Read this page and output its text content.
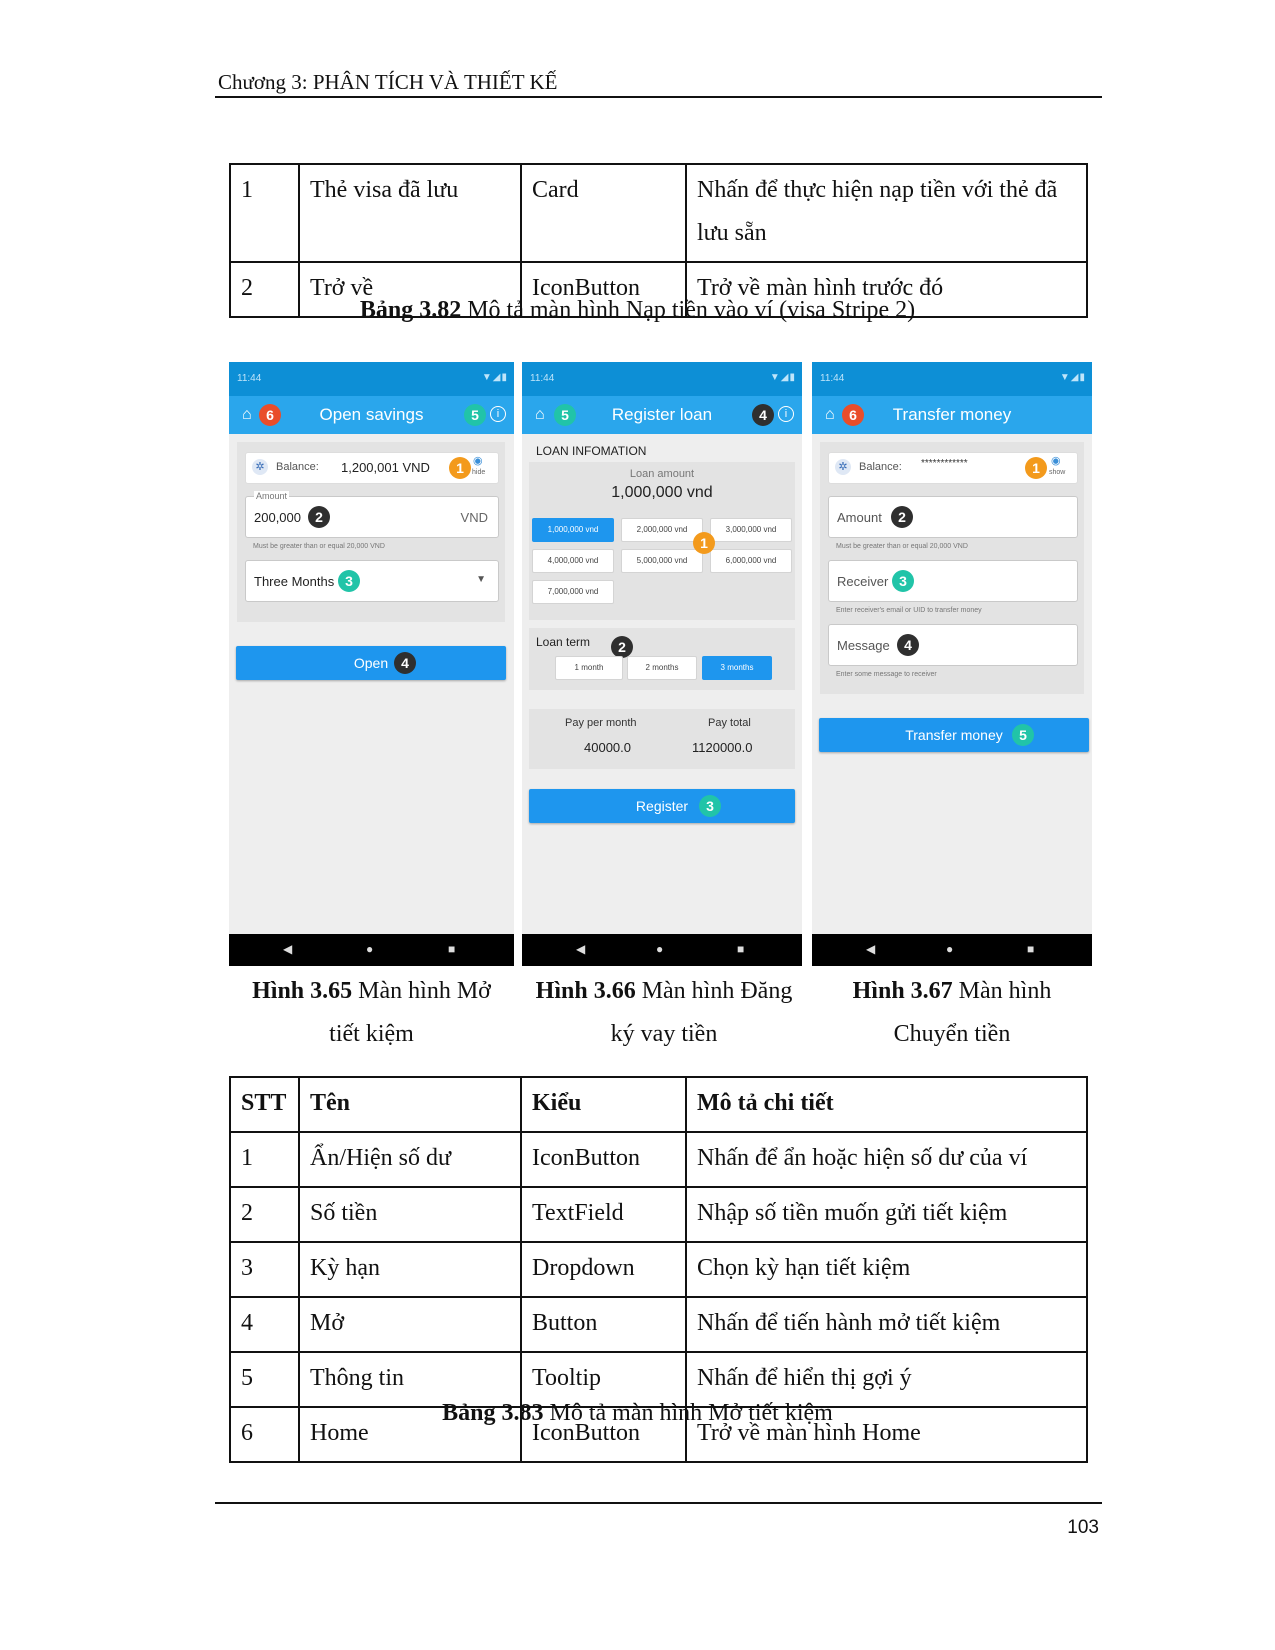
Chương 3: PHÂN TÍCH VÀ THIẾT KẾ
1	Thẻ visa đã lưu	Card	Nhấn để thực hiện nạp tiền với thẻ đã lưu sẵn
2	Trở về	IconButton	Trở về màn hình trước đó
Bảng 3.82 Mô tả màn hình Nạp tiền vào ví (visa Stripe 2)
11:44	▼◢▮
⌂	6	Open savings	5	i
✲	Balance: 1,200,001 VND	1 ◉
hide
Amount
200,000	2	VND
Must be greater than or equal 20,000 VND
Three Months 3	▼
Open 4
◀	●	■
11:44	▼◢▮
⌂	5	Register loan	4	i
LOAN INFOMATION
Loan amount
1,000,000 vnd
1,000,000 vnd	2,000,000 vnd	3,000,000 vnd
4,000,000 vnd	5,000,000 vnd	6,000,000 vnd
7,000,000 vnd
1
Loan term	2
1 month	2 months	3 months
Pay per month	Pay total
40000.0	1120000.0
Register	3
◀	●	■
11:44	▼◢▮
⌂	6	Transfer money
✲	Balance: ************	1	◉
show
Amount	2
Must be greater than or equal 20,000 VND
Receiver 3
Enter receiver's email or UID to transfer money
Message	4
Enter some message to receiver
Transfer money	5
◀	●	■
Hình 3.65 Màn hình Mở
tiết kiệm
Hình 3.66 Màn hình Đăng
ký vay tiền
Hình 3.67 Màn hình
Chuyển tiền
STT	Tên	Kiểu	Mô tả chi tiết
1	Ẩn/Hiện số dư	IconButton	Nhấn để ẩn hoặc hiện số dư của ví
2	Số tiền	TextField	Nhập số tiền muốn gửi tiết kiệm
3	Kỳ hạn	Dropdown	Chọn kỳ hạn tiết kiệm
4	Mở	Button	Nhấn để tiến hành mở tiết kiệm
5	Thông tin	Tooltip	Nhấn để hiển thị gợi ý
6	Home	IconButton	Trở về màn hình Home
Bảng 3.83 Mô tả màn hình Mở tiết kiệm
103
